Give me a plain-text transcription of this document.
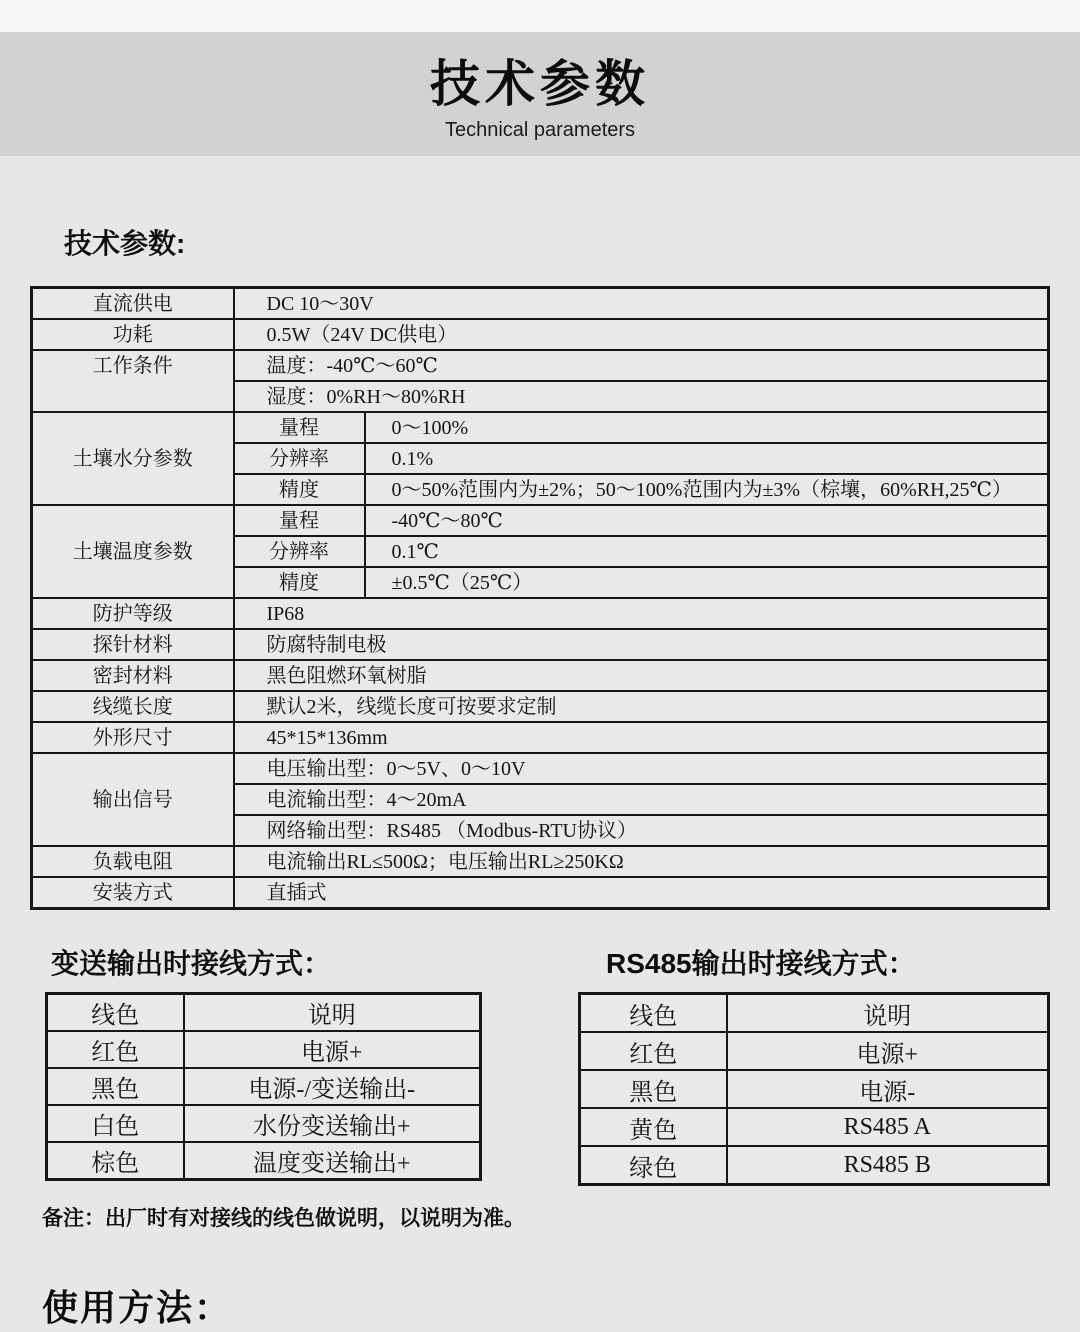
技术参数
Technical parameters
技术参数:
直流供电	DC 10～30V	
功耗	0.5W（24V DC供电）	
工作条件	温度：-40℃～60℃	
	湿度：0%RH～80%RH	
土壤水分参数	量程	0～100%
	分辨率	0.1%
	精度	0～50%范围内为±2%；50～100%范围内为±3%（棕壤，60%RH,25℃）
土壤温度参数	量程	-40℃～80℃
	分辨率	0.1℃
	精度	±0.5℃（25℃）
防护等级	IP68	
探针材料	防腐特制电极	
密封材料	黑色阻燃环氧树脂	
线缆长度	默认2米，线缆长度可按要求定制	
外形尺寸	45*15*136mm	
输出信号	电压输出型：0～5V、0～10V	
	电流输出型：4～20mA	
	网络输出型：RS485 （Modbus-RTU协议）	
负载电阻	电流输出RL≤500Ω；电压输出RL≥250KΩ	
安装方式	直插式	
变送输出时接线方式：
线色	说明
红色	电源+
黑色	电源-/变送输出-
白色	水份变送输出+
棕色	温度变送输出+
RS485输出时接线方式：
线色	说明
红色	电源+
黑色	电源-
黄色	RS485 A
绿色	RS485 B

备注：出厂时有对接线的线色做说明，以说明为准。

使用方法：
